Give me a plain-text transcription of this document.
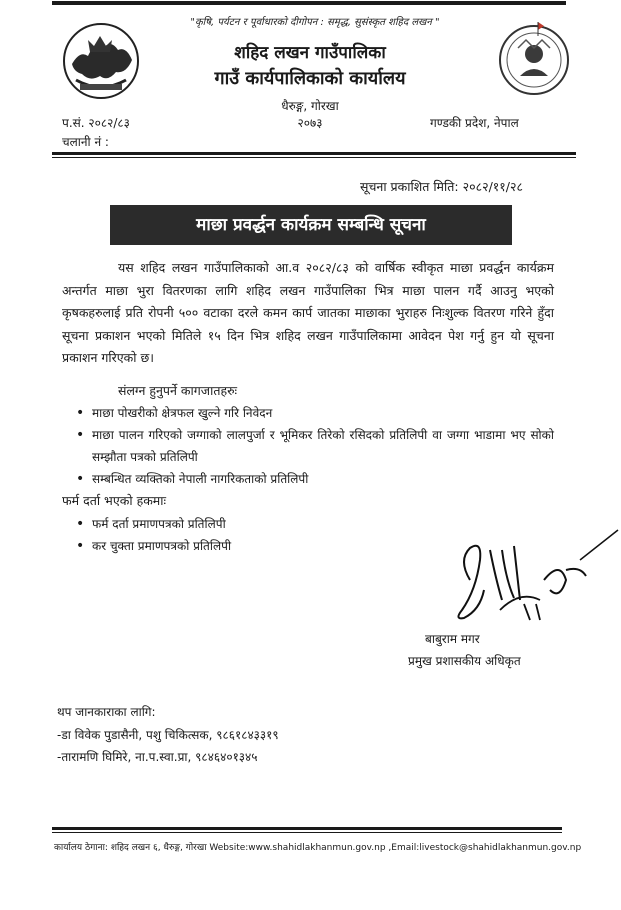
"कृषि, पर्यटन र पूर्वाधारको दीगोपन : समृद्ध, सुसंस्कृत शहिद लखन "
शहिद लखन गाउँपालिका
गाउँ कार्यपालिकाको कार्यालय
धैरुङ्ग, गोरखा
२०७३
प.सं. २०८२/८३
चलानी नं :
गण्डकी प्रदेश, नेपाल
सूचना प्रकाशित मिति: २०८२/११/२८
माछा प्रवर्द्धन कार्यक्रम सम्बन्धि सूचना
यस शहिद लखन गाउँपालिकाको आ.व २०८२/८३ को वार्षिक स्वीकृत माछा प्रवर्द्धन कार्यक्रम अन्तर्गत माछा भुरा वितरणका लागि शहिद लखन गाउँपालिका भित्र माछा पालन गर्दै आउनु भएको कृषकहरुलाई प्रति रोपनी ५०० वटाका दरले कमन कार्प जातका माछाका भुराहरु निःशुल्क वितरण गरिने हुँदा सूचना प्रकाशन भएको मितिले १५ दिन भित्र शहिद लखन गाउँपालिकामा आवेदन पेश गर्नु हुन यो सूचना प्रकाशन गरिएको छ।
संलग्न हुनुपर्ने कागजातहरुः
• माछा पोखरीको क्षेत्रफल खुल्ने गरि निवेदन
• माछा पालन गरिएको जग्गाको लालपुर्जा र भूमिकर तिरेको रसिदको प्रतिलिपी वा जग्गा भाडामा भए सोको सम्झौता पत्रको प्रतिलिपी
• सम्बन्धित व्यक्तिको नेपाली नागरिकताको प्रतिलिपी
फर्म दर्ता भएको हकमाः
• फर्म दर्ता प्रमाणपत्रको प्रतिलिपी
• कर चुक्ता प्रमाणपत्रको प्रतिलिपी
बाबुराम मगर
प्रमुख प्रशासकीय अधिकृत
थप जानकाराका लागि:
-डा विवेक पुडासैनी, पशु चिकित्सक, ९८६१८४३३१९
-तारामणि घिमिरे, ना.प.स्वा.प्रा, ९८४६४०१३४५
कार्यालय ठेगाना: शहिद लखन ६, धैरुङ्ग, गोरखा Website:www.shahidlakhanmun.gov.np ,Email:livestock@shahidlakhanmun.gov.np
